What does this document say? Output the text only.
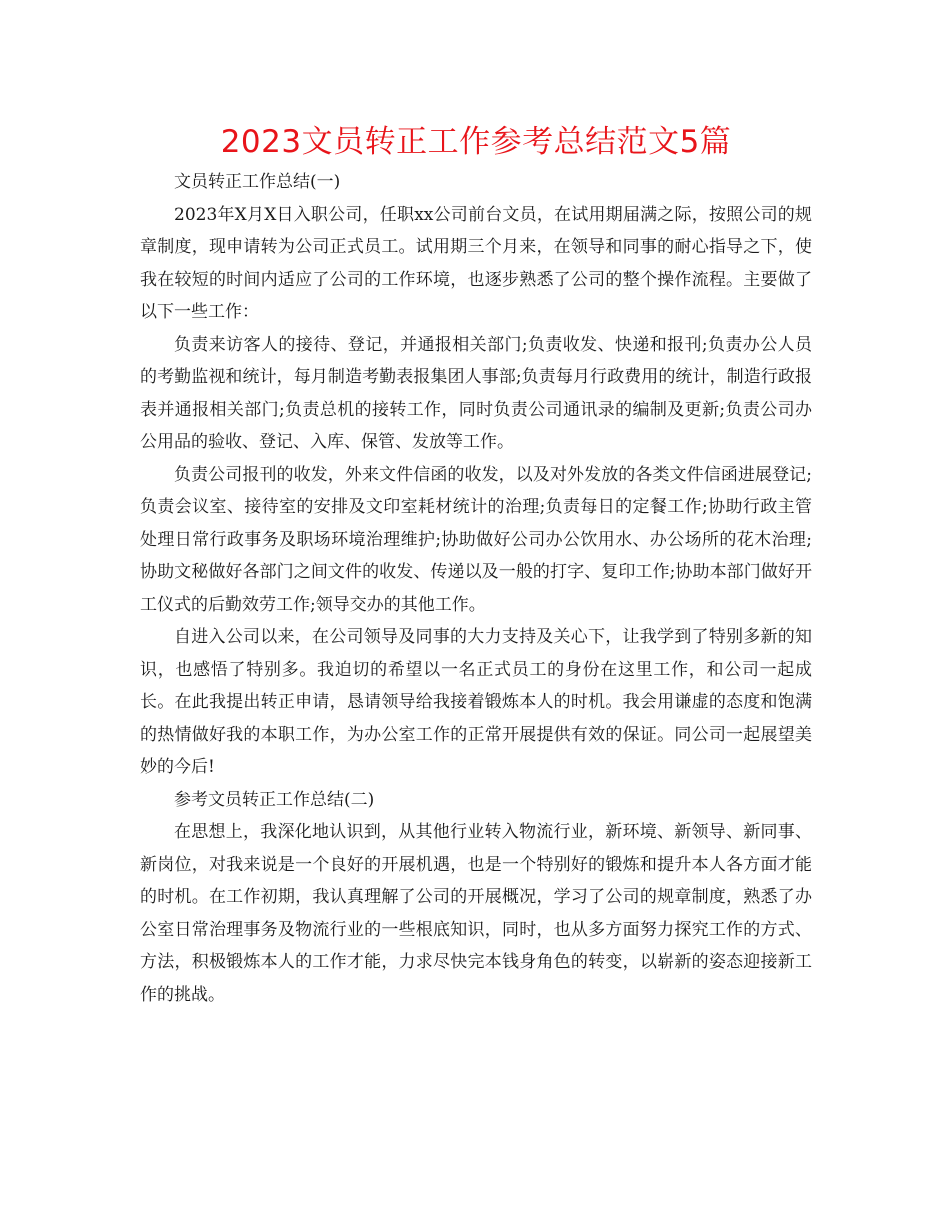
2023文员转正工作参考总结范文5篇

文员转正工作总结(一)

2023年X月X日入职公司，任职xx公司前台文员，在试用期届满之际，按照公司的规章制度，现申请转为公司正式员工。试用期三个月来，在领导和同事的耐心指导之下，使我在较短的时间内适应了公司的工作环境，也逐步熟悉了公司的整个操作流程。主要做了以下一些工作：

负责来访客人的接待、登记，并通报相关部门;负责收发、快递和报刊;负责办公人员的考勤监视和统计，每月制造考勤表报集团人事部;负责每月行政费用的统计，制造行政报表并通报相关部门;负责总机的接转工作，同时负责公司通讯录的编制及更新;负责公司办公用品的验收、登记、入库、保管、发放等工作。

负责公司报刊的收发，外来文件信函的收发，以及对外发放的各类文件信函进展登记;负责会议室、接待室的安排及文印室耗材统计的治理;负责每日的定餐工作;协助行政主管处理日常行政事务及职场环境治理维护;协助做好公司办公饮用水、办公场所的花木治理;协助文秘做好各部门之间文件的收发、传递以及一般的打字、复印工作;协助本部门做好开工仪式的后勤效劳工作;领导交办的其他工作。

自进入公司以来，在公司领导及同事的大力支持及关心下，让我学到了特别多新的知识，也感悟了特别多。我迫切的希望以一名正式员工的身份在这里工作，和公司一起成长。在此我提出转正申请，恳请领导给我接着锻炼本人的时机。我会用谦虚的态度和饱满的热情做好我的本职工作，为办公室工作的正常开展提供有效的保证。同公司一起展望美妙的今后!

参考文员转正工作总结(二)

在思想上，我深化地认识到，从其他行业转入物流行业，新环境、新领导、新同事、新岗位，对我来说是一个良好的开展机遇，也是一个特别好的锻炼和提升本人各方面才能的时机。在工作初期，我认真理解了公司的开展概况，学习了公司的规章制度，熟悉了办公室日常治理事务及物流行业的一些根底知识，同时，也从多方面努力探究工作的方式、方法，积极锻炼本人的工作才能，力求尽快完本钱身角色的转变，以崭新的姿态迎接新工作的挑战。
